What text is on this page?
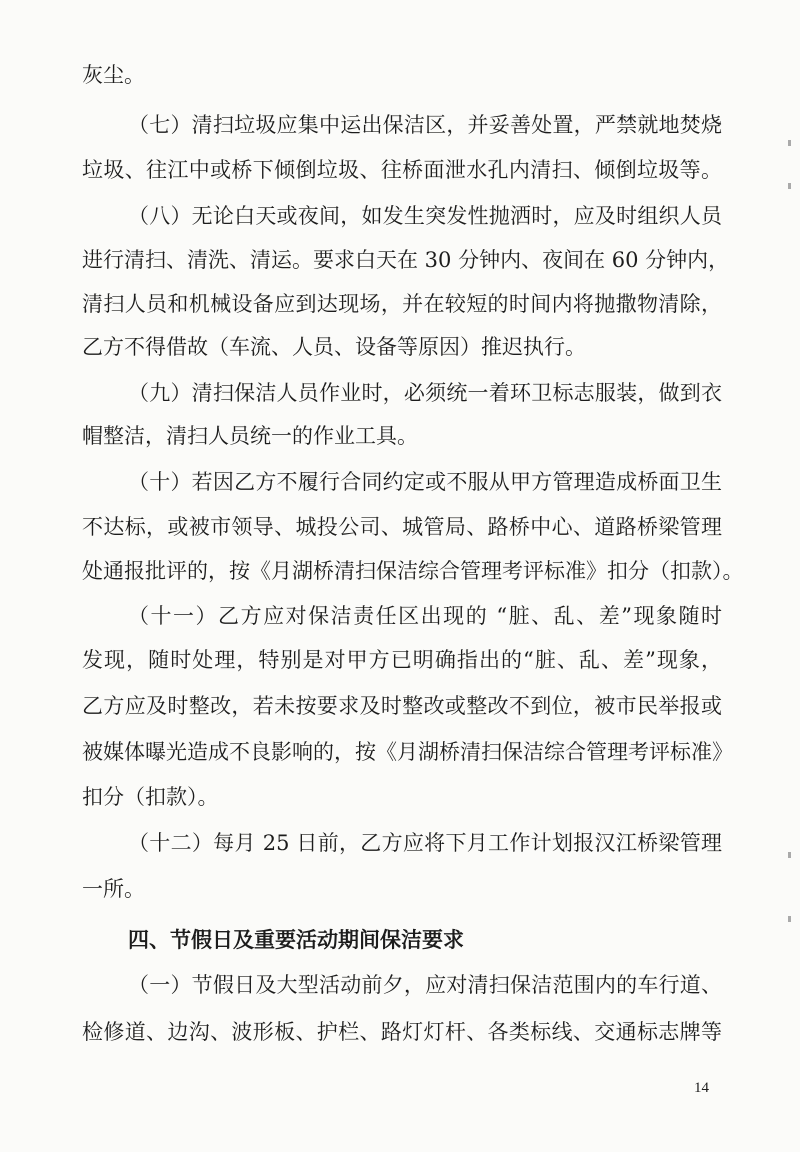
灰尘。
（七）清扫垃圾应集中运出保洁区，并妥善处置，严禁就地焚烧
垃圾、往江中或桥下倾倒垃圾、往桥面泄水孔内清扫、倾倒垃圾等。
（八）无论白天或夜间，如发生突发性抛洒时，应及时组织人员
进行清扫、清洗、清运。要求白天在 30 分钟内、夜间在 60 分钟内，
清扫人员和机械设备应到达现场，并在较短的时间内将抛撒物清除，
乙方不得借故（车流、人员、设备等原因）推迟执行。
（九）清扫保洁人员作业时，必须统一着环卫标志服装，做到衣
帽整洁，清扫人员统一的作业工具。
（十）若因乙方不履行合同约定或不服从甲方管理造成桥面卫生
不达标，或被市领导、城投公司、城管局、路桥中心、道路桥梁管理
处通报批评的，按《月湖桥清扫保洁综合管理考评标准》扣分（扣款）。
（十一）乙方应对保洁责任区出现的 “脏、乱、差”现象随时
发现，随时处理，特别是对甲方已明确指出的“脏、乱、差”现象，
乙方应及时整改，若未按要求及时整改或整改不到位，被市民举报或
被媒体曝光造成不良影响的，按《月湖桥清扫保洁综合管理考评标准》
扣分（扣款）。
（十二）每月 25 日前，乙方应将下月工作计划报汉江桥梁管理
一所。
四、节假日及重要活动期间保洁要求
（一）节假日及大型活动前夕，应对清扫保洁范围内的车行道、
检修道、边沟、波形板、护栏、路灯灯杆、各类标线、交通标志牌等
14
